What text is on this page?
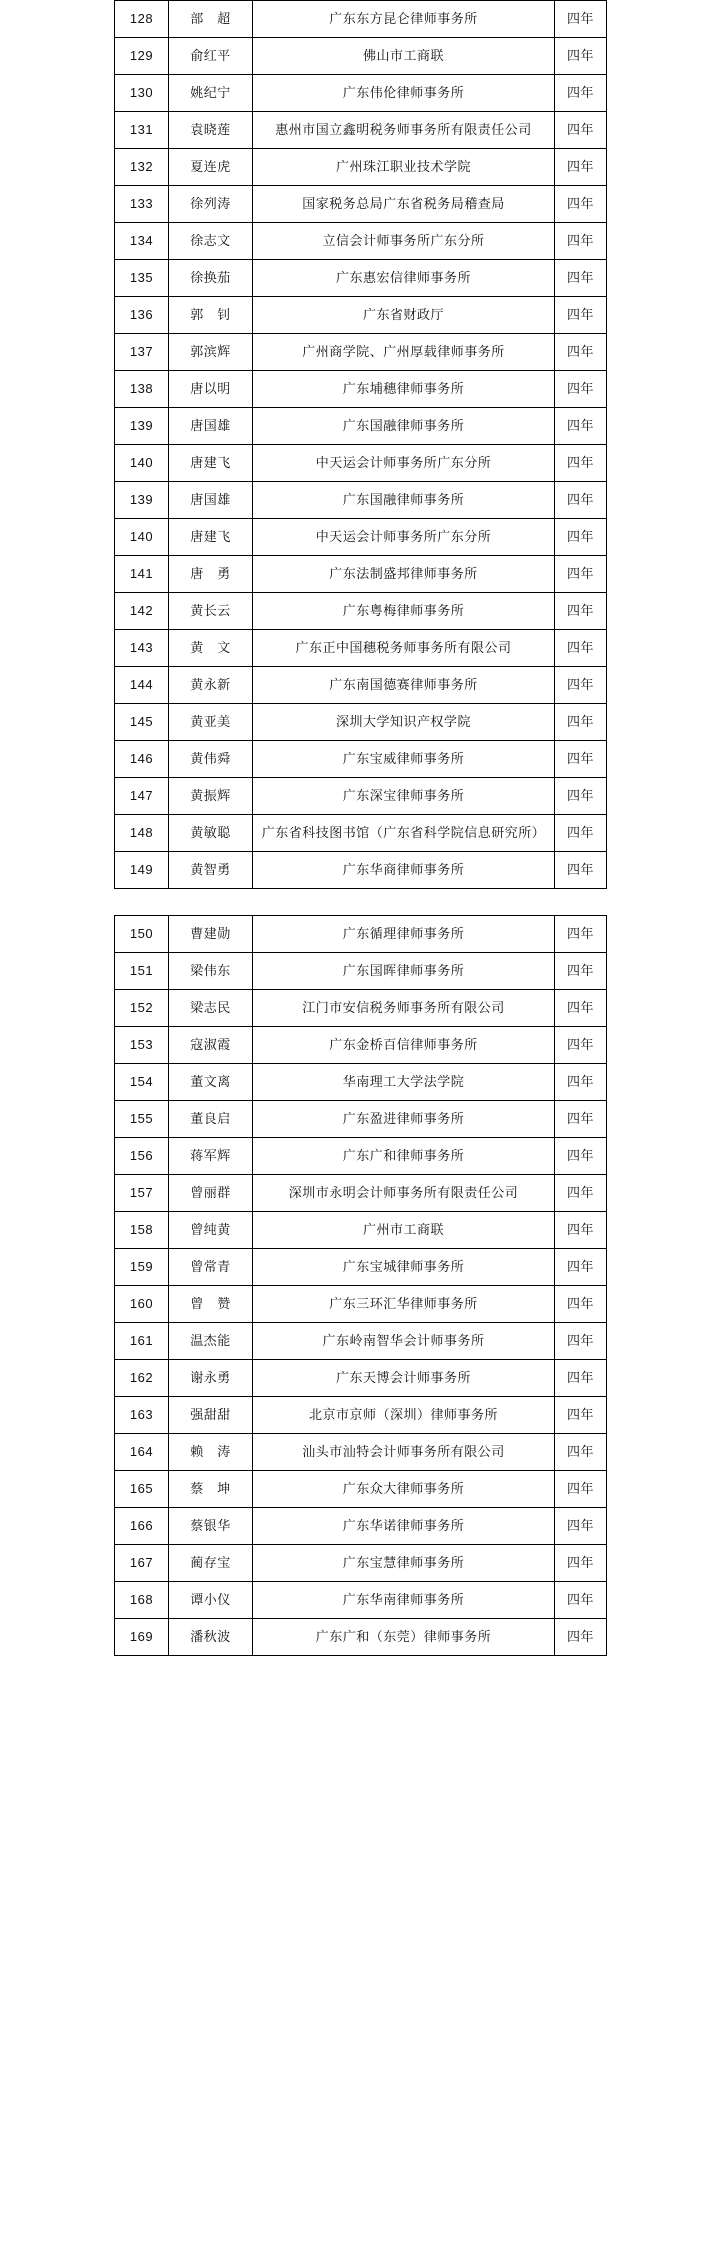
128	部　超	广东东方昆仑律师事务所	四年
129	俞红平	佛山市工商联	四年
130	姚纪宁	广东伟伦律师事务所	四年
131	袁晓莲	惠州市国立鑫明税务师事务所有限责任公司	四年
132	夏连虎	广州珠江职业技术学院	四年
133	徐列涛	国家税务总局广东省税务局稽查局	四年
134	徐志文	立信会计师事务所广东分所	四年
135	徐换茄	广东惠宏信律师事务所	四年
136	郭　钊	广东省财政厅	四年
137	郭滨辉	广州商学院、广州厚载律师事务所	四年
138	唐以明	广东埔穗律师事务所	四年
139	唐国雄	广东国融律师事务所	四年
140	唐建飞	中天运会计师事务所广东分所	四年
139	唐国雄	广东国融律师事务所	四年
140	唐建飞	中天运会计师事务所广东分所	四年
141	唐　勇	广东法制盛邦律师事务所	四年
142	黄长云	广东粤梅律师事务所	四年
143	黄　文	广东正中国穗税务师事务所有限公司	四年
144	黄永新	广东南国德赛律师事务所	四年
145	黄亚美	深圳大学知识产权学院	四年
146	黄伟舜	广东宝威律师事务所	四年
147	黄振辉	广东深宝律师事务所	四年
148	黄敏聪	广东省科技图书馆（广东省科学院信息研究所）	四年
149	黄智勇	广东华商律师事务所	四年
150	曹建勋	广东循理律师事务所	四年
151	梁伟东	广东国晖律师事务所	四年
152	梁志民	江门市安信税务师事务所有限公司	四年
153	寇淑霞	广东金桥百信律师事务所	四年
154	董文离	华南理工大学法学院	四年
155	董良启	广东盈进律师事务所	四年
156	蒋军辉	广东广和律师事务所	四年
157	曾丽群	深圳市永明会计师事务所有限责任公司	四年
158	曾纯黄	广州市工商联	四年
159	曾常青	广东宝城律师事务所	四年
160	曾　赞	广东三环汇华律师事务所	四年
161	温杰能	广东岭南智华会计师事务所	四年
162	谢永勇	广东天博会计师事务所	四年
163	强甜甜	北京市京师（深圳）律师事务所	四年
164	赖　涛	汕头市汕特会计师事务所有限公司	四年
165	蔡　坤	广东众大律师事务所	四年
166	蔡银华	广东华诺律师事务所	四年
167	蔺存宝	广东宝慧律师事务所	四年
168	谭小仪	广东华南律师事务所	四年
169	潘秋波	广东广和（东莞）律师事务所	四年
